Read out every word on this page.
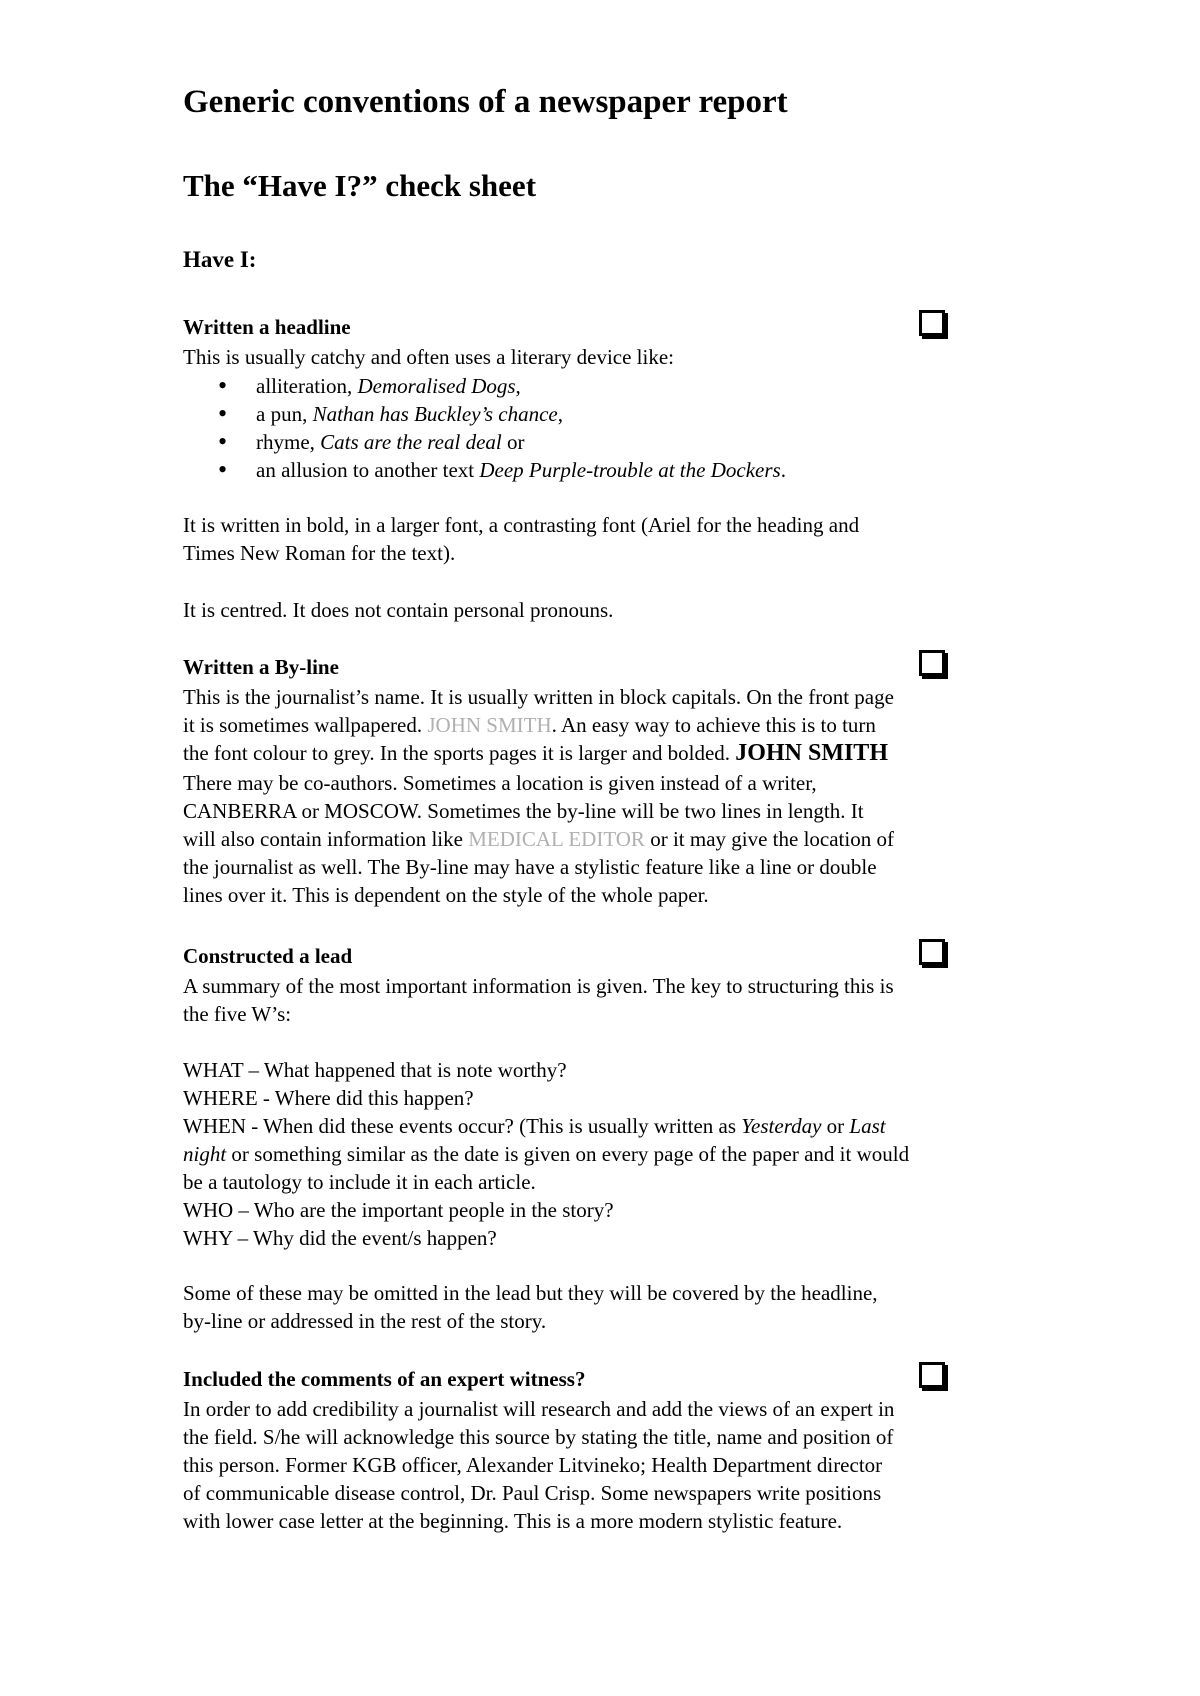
Generic conventions of a newspaper report
The “Have I?” check sheet
Have I:
Written a headline
This is usually catchy and often uses a literary device like:
• alliteration, Demoralised Dogs,
• a pun, Nathan has Buckley’s chance,
• rhyme, Cats are the real deal or
• an allusion to another text Deep Purple-trouble at the Dockers.
It is written in bold, in a larger font, a contrasting font (Ariel for the heading and
Times New Roman for the text).
It is centred. It does not contain personal pronouns.
Written a By-line
This is the journalist’s name. It is usually written in block capitals. On the front page
it is sometimes wallpapered. JOHN SMITH. An easy way to achieve this is to turn
the font colour to grey. In the sports pages it is larger and bolded. JOHN SMITH
There may be co-authors. Sometimes a location is given instead of a writer,
CANBERRA or MOSCOW. Sometimes the by-line will be two lines in length. It
will also contain information like MEDICAL EDITOR or it may give the location of
the journalist as well. The By-line may have a stylistic feature like a line or double
lines over it. This is dependent on the style of the whole paper.
Constructed a lead
A summary of the most important information is given. The key to structuring this is
the five W’s:
WHAT – What happened that is note worthy?
WHERE - Where did this happen?
WHEN - When did these events occur? (This is usually written as Yesterday or Last
night or something similar as the date is given on every page of the paper and it would
be a tautology to include it in each article.
WHO – Who are the important people in the story?
WHY – Why did the event/s happen?
Some of these may be omitted in the lead but they will be covered by the headline,
by-line or addressed in the rest of the story.
Included the comments of an expert witness?
In order to add credibility a journalist will research and add the views of an expert in
the field. S/he will acknowledge this source by stating the title, name and position of
this person. Former KGB officer, Alexander Litvineko; Health Department director
of communicable disease control, Dr. Paul Crisp. Some newspapers write positions
with lower case letter at the beginning. This is a more modern stylistic feature.
